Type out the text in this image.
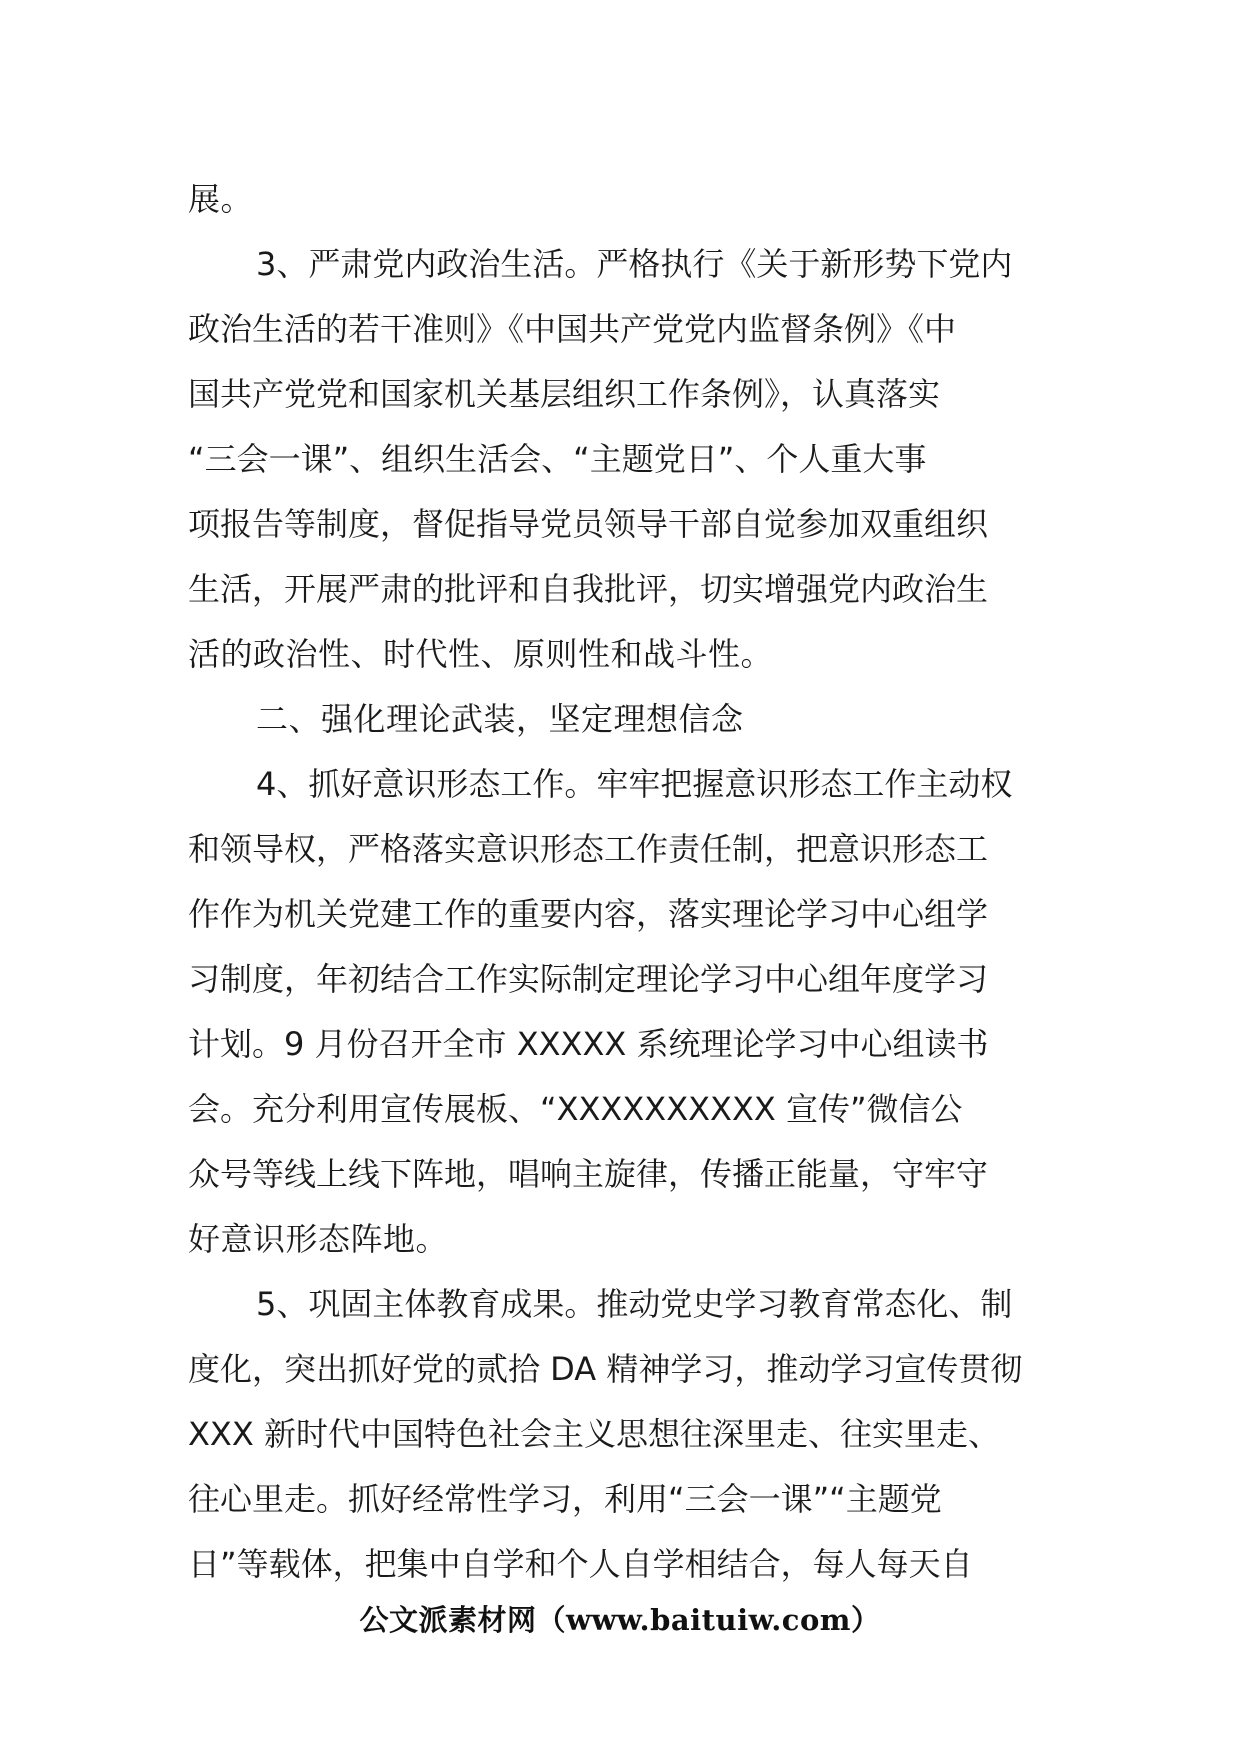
展。
3、严肃党内政治生活。严格执行《关于新形势下党内
政治生活的若干准则》《中国共产党党内监督条例》《中
国共产党党和国家机关基层组织工作条例》，认真落实
“三会一课”、组织生活会、“主题党日”、个人重大事
项报告等制度，督促指导党员领导干部自觉参加双重组织
生活，开展严肃的批评和自我批评，切实增强党内政治生
活的政治性、时代性、原则性和战斗性。
二、强化理论武装，坚定理想信念
4、抓好意识形态工作。牢牢把握意识形态工作主动权
和领导权，严格落实意识形态工作责任制，把意识形态工
作作为机关党建工作的重要内容，落实理论学习中心组学
习制度，年初结合工作实际制定理论学习中心组年度学习
计划。9 月份召开全市 XXXXX 系统理论学习中心组读书
会。充分利用宣传展板、“XXXXXXXXXX 宣传”微信公
众号等线上线下阵地，唱响主旋律，传播正能量，守牢守
好意识形态阵地。
5、巩固主体教育成果。推动党史学习教育常态化、制
度化，突出抓好党的贰拾 DA 精神学习，推动学习宣传贯彻
XXX 新时代中国特色社会主义思想往深里走、往实里走、
往心里走。抓好经常性学习，利用“三会一课”“主题党
日”等载体，把集中自学和个人自学相结合，每人每天自
公文派素材网（www.baituiw.com）
